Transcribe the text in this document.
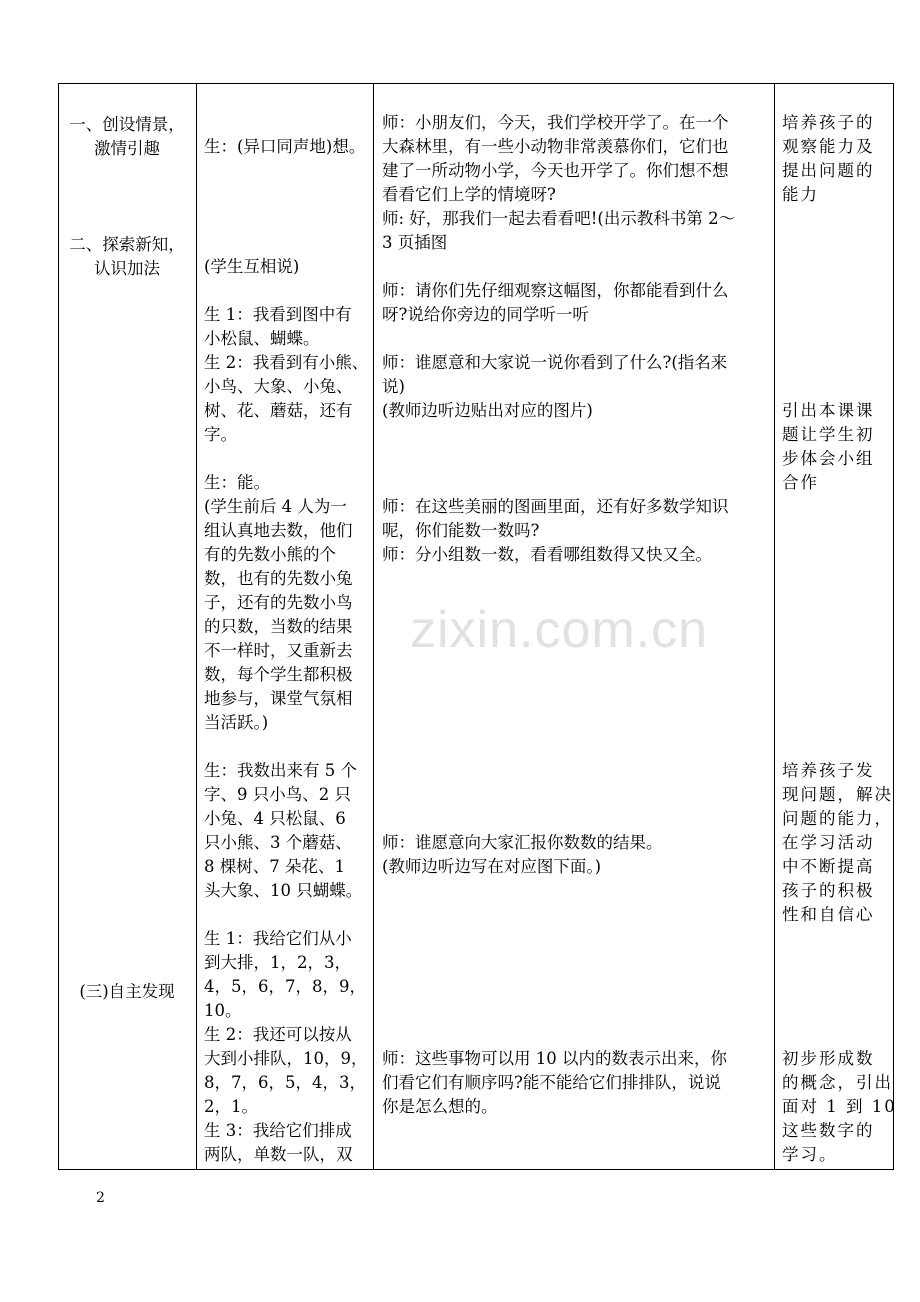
zixin.com.cn
一、创设情景，
激情引趣
二、探索新知，
认识加法
(三)自主发现
生：(异口同声地)想。
(学生互相说)
生 1：我看到图中有
小松鼠、蝴蝶。
生 2：我看到有小熊、
小鸟、大象、小兔、
树、花、蘑菇，还有
字。
生：能。
(学生前后 4 人为一
组认真地去数，他们
有的先数小熊的个
数，也有的先数小兔
子，还有的先数小鸟
的只数，当数的结果
不一样时，又重新去
数，每个学生都积极
地参与，课堂气氛相
当活跃。)
生：我数出来有 5 个
字、9 只小鸟、2 只
小兔、4 只松鼠、6
只小熊、3 个蘑菇、
8 棵树、7 朵花、1
头大象、10 只蝴蝶。
生 1：我给它们从小
到大排，1，2，3，
4，5，6，7，8，9，
10。
生 2：我还可以按从
大到小排队，10，9，
8，7，6，5，4，3，
2，1。
生 3：我给它们排成
两队，单数一队，双
师：小朋友们，今天，我们学校开学了。在一个
大森林里，有一些小动物非常羡慕你们，它们也
建了一所动物小学，今天也开学了。你们想不想
看看它们上学的情境呀?
师: 好，那我们一起去看看吧!(出示教科书第 2～
3 页插图
师：请你们先仔细观察这幅图，你都能看到什么
呀?说给你旁边的同学听一听
师：谁愿意和大家说一说你看到了什么?(指名来
说)
(教师边听边贴出对应的图片)
师：在这些美丽的图画里面，还有好多数学知识
呢，你们能数一数吗?
师：分小组数一数，看看哪组数得又快又全。
师：谁愿意向大家汇报你数数的结果。
(教师边听边写在对应图下面。)
师：这些事物可以用 10 以内的数表示出来，你
们看它们有顺序吗?能不能给它们排排队，说说
你是怎么想的。
培养孩子的
观察能力及
提出问题的
能力
引出本课课
题让学生初
步体会小组
合作
培养孩子发
现问题，解决
问题的能力，
在学习活动
中不断提高
孩子的积极
性和自信心
初步形成数
的概念，引出
面对 1 到 10
这些数字的
学习。
2
